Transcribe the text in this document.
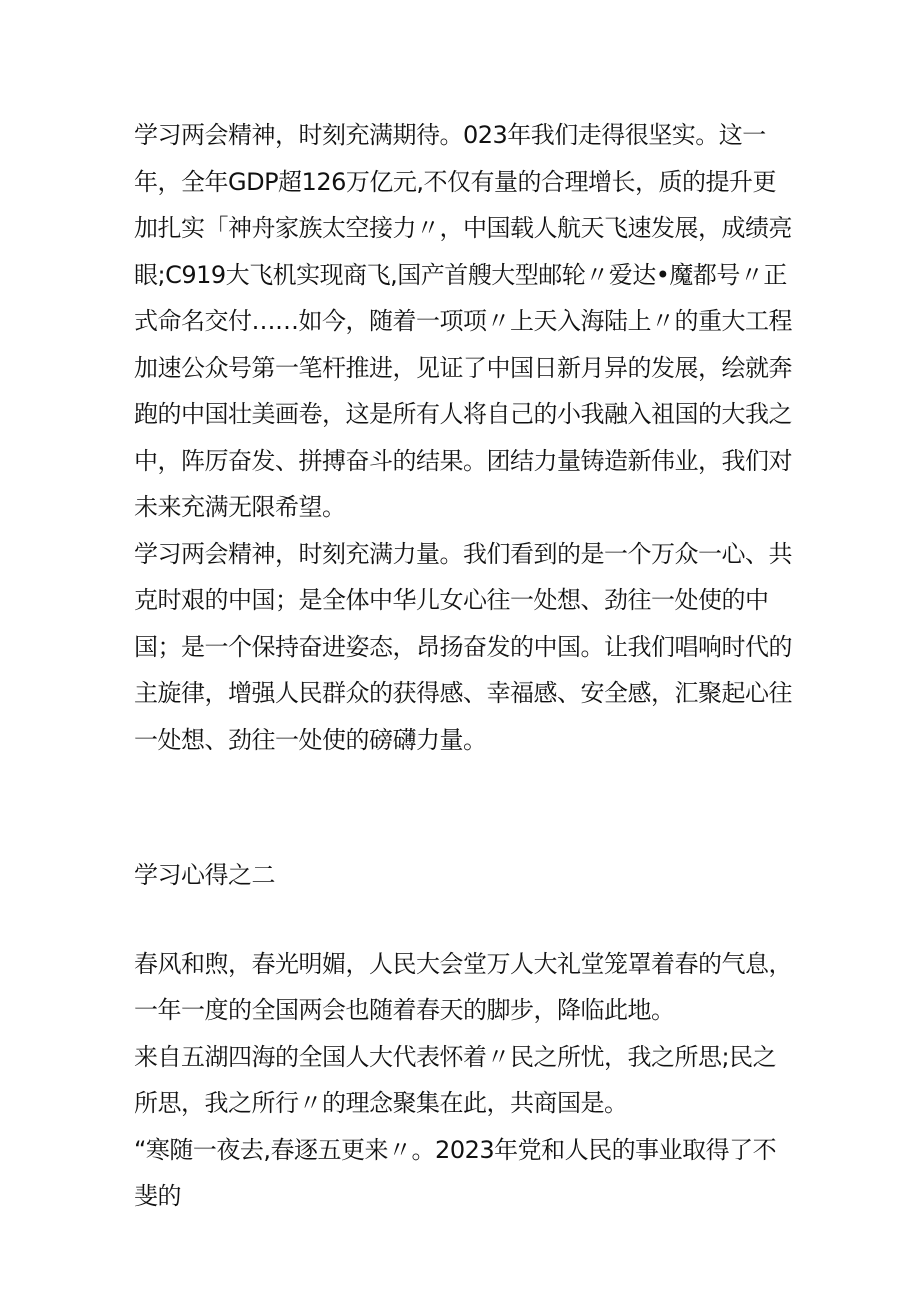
学习两会精神，时刻充满期待。023年我们走得很坚实。这一年，全年GDP超126万亿元,不仅有量的合理增长，质的提升更加扎实「神舟家族太空接力〃，中国载人航天飞速发展，成绩亮眼;C919大飞机实现商飞,国产首艘大型邮轮〃爱达•魔都号〃正式命名交付……如今，随着一项项〃上天入海陆上〃的重大工程加速公众号第一笔杆推进，见证了中国日新月异的发展，绘就奔跑的中国壮美画卷，这是所有人将自己的小我融入祖国的大我之中，阵厉奋发、拼搏奋斗的结果。团结力量铸造新伟业，我们对未来充满无限希望。

学习两会精神，时刻充满力量。我们看到的是一个万众一心、共克时艰的中国；是全体中华儿女心往一处想、劲往一处使的中国；是一个保持奋进姿态，昂扬奋发的中国。让我们唱响时代的主旋律，增强人民群众的获得感、幸福感、安全感，汇聚起心往一处想、劲往一处使的磅礴力量。

学习心得之二

春风和煦，春光明媚，人民大会堂万人大礼堂笼罩着春的气息，一年一度的全国两会也随着春天的脚步，降临此地。

来自五湖四海的全国人大代表怀着〃民之所忧，我之所思;民之所思，我之所行〃的理念聚集在此，共商国是。

“寒随一夜去,春逐五更来〃。2023年党和人民的事业取得了不斐的
